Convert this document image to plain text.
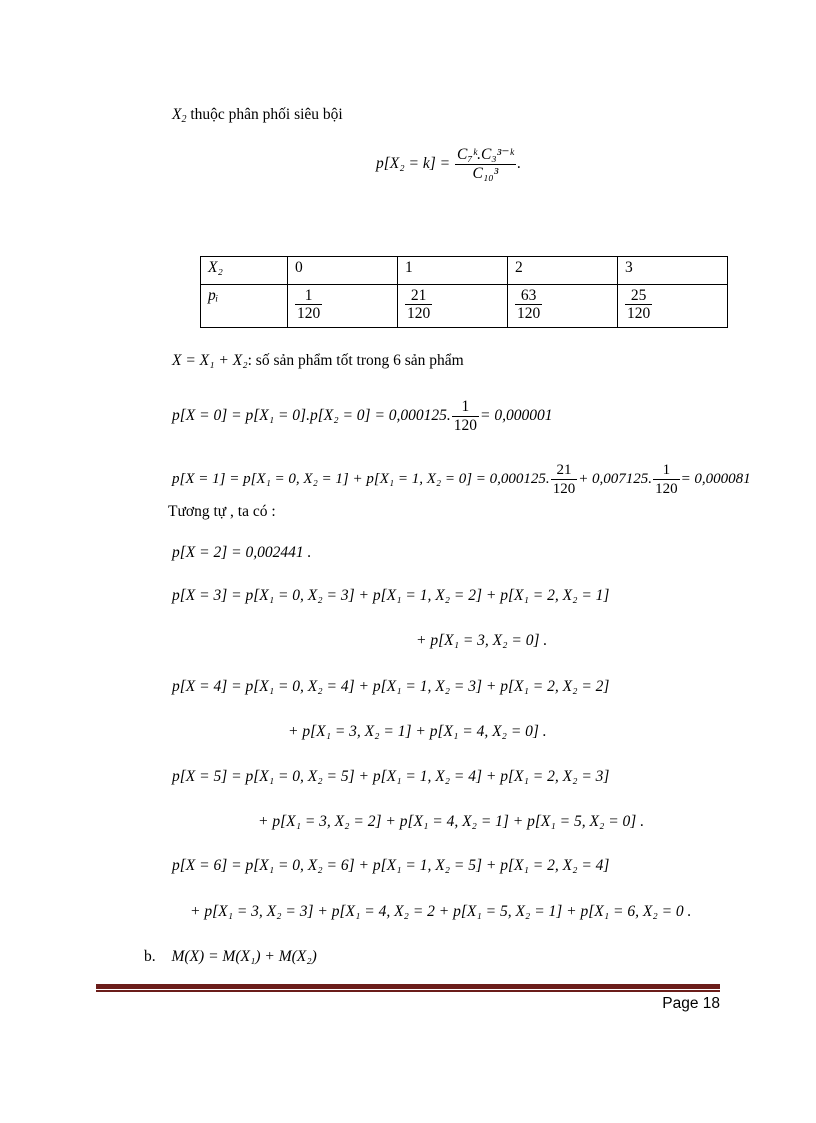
$X_2$ thuộc phân phối siêu bội
$p[X_2 = k] = \frac{\text{C₇ᵏ.C₃³⁻ᵏ}}{\text{C₁₀³}}$ .
X₂	0	1	2	3
pᵢ	$\frac{1}{120}$	$\frac{21}{120}$	$\frac{63}{120}$	$\frac{25}{120}$
X = X₁ + X₂: số sản phẩm tốt trong 6 sản phẩm
p[X = 0] = p[X₁ = 0].p[X₂ = 0] = 0,000125. $\frac{1}{120} = 0,000001$
p[X = 1] = p[X₁ = 0, X₂ = 1] + p[X₁ = 1, X₂ = 0] = 0,000125. $\frac{21}{120} + 0,007125$. $\frac{1}{120} = 0,000081$
Tương tự , ta có :
p[X = 2] = 0,002441 .
p[X = 3] = p[X₁ = 0, X₂ = 3] + p[X₁ = 1, X₂ = 2] + p[X₁ = 2, X₂ = 1]
+ p[X₁ = 3, X₂ = 0] .
p[X = 4] = p[X₁ = 0, X₂ = 4] + p[X₁ = 1, X₂ = 3] + p[X₁ = 2, X₂ = 2]
+ p[X₁ = 3, X₂ = 1] + p[X₁ = 4, X₂ = 0] .
p[X = 5] = p[X₁ = 0, X₂ = 5] + p[X₁ = 1, X₂ = 4] + p[X₁ = 2, X₂ = 3]
+ p[X₁ = 3, X₂ = 2] + p[X₁ = 4, X₂ = 1] + p[X₁ = 5, X₂ = 0] .
p[X = 6] = p[X₁ = 0, X₂ = 6] + p[X₁ = 1, X₂ = 5] + p[X₁ = 2, X₂ = 4]
+ p[X₁ = 3, X₂ = 3] + p[X₁ = 4, X₂ = 2 + p[X₁ = 5, X₂ = 1] + p[X₁ = 6, X₂ = 0 .
b. M(X) = M(X₁) + M(X₂)
Page 18
